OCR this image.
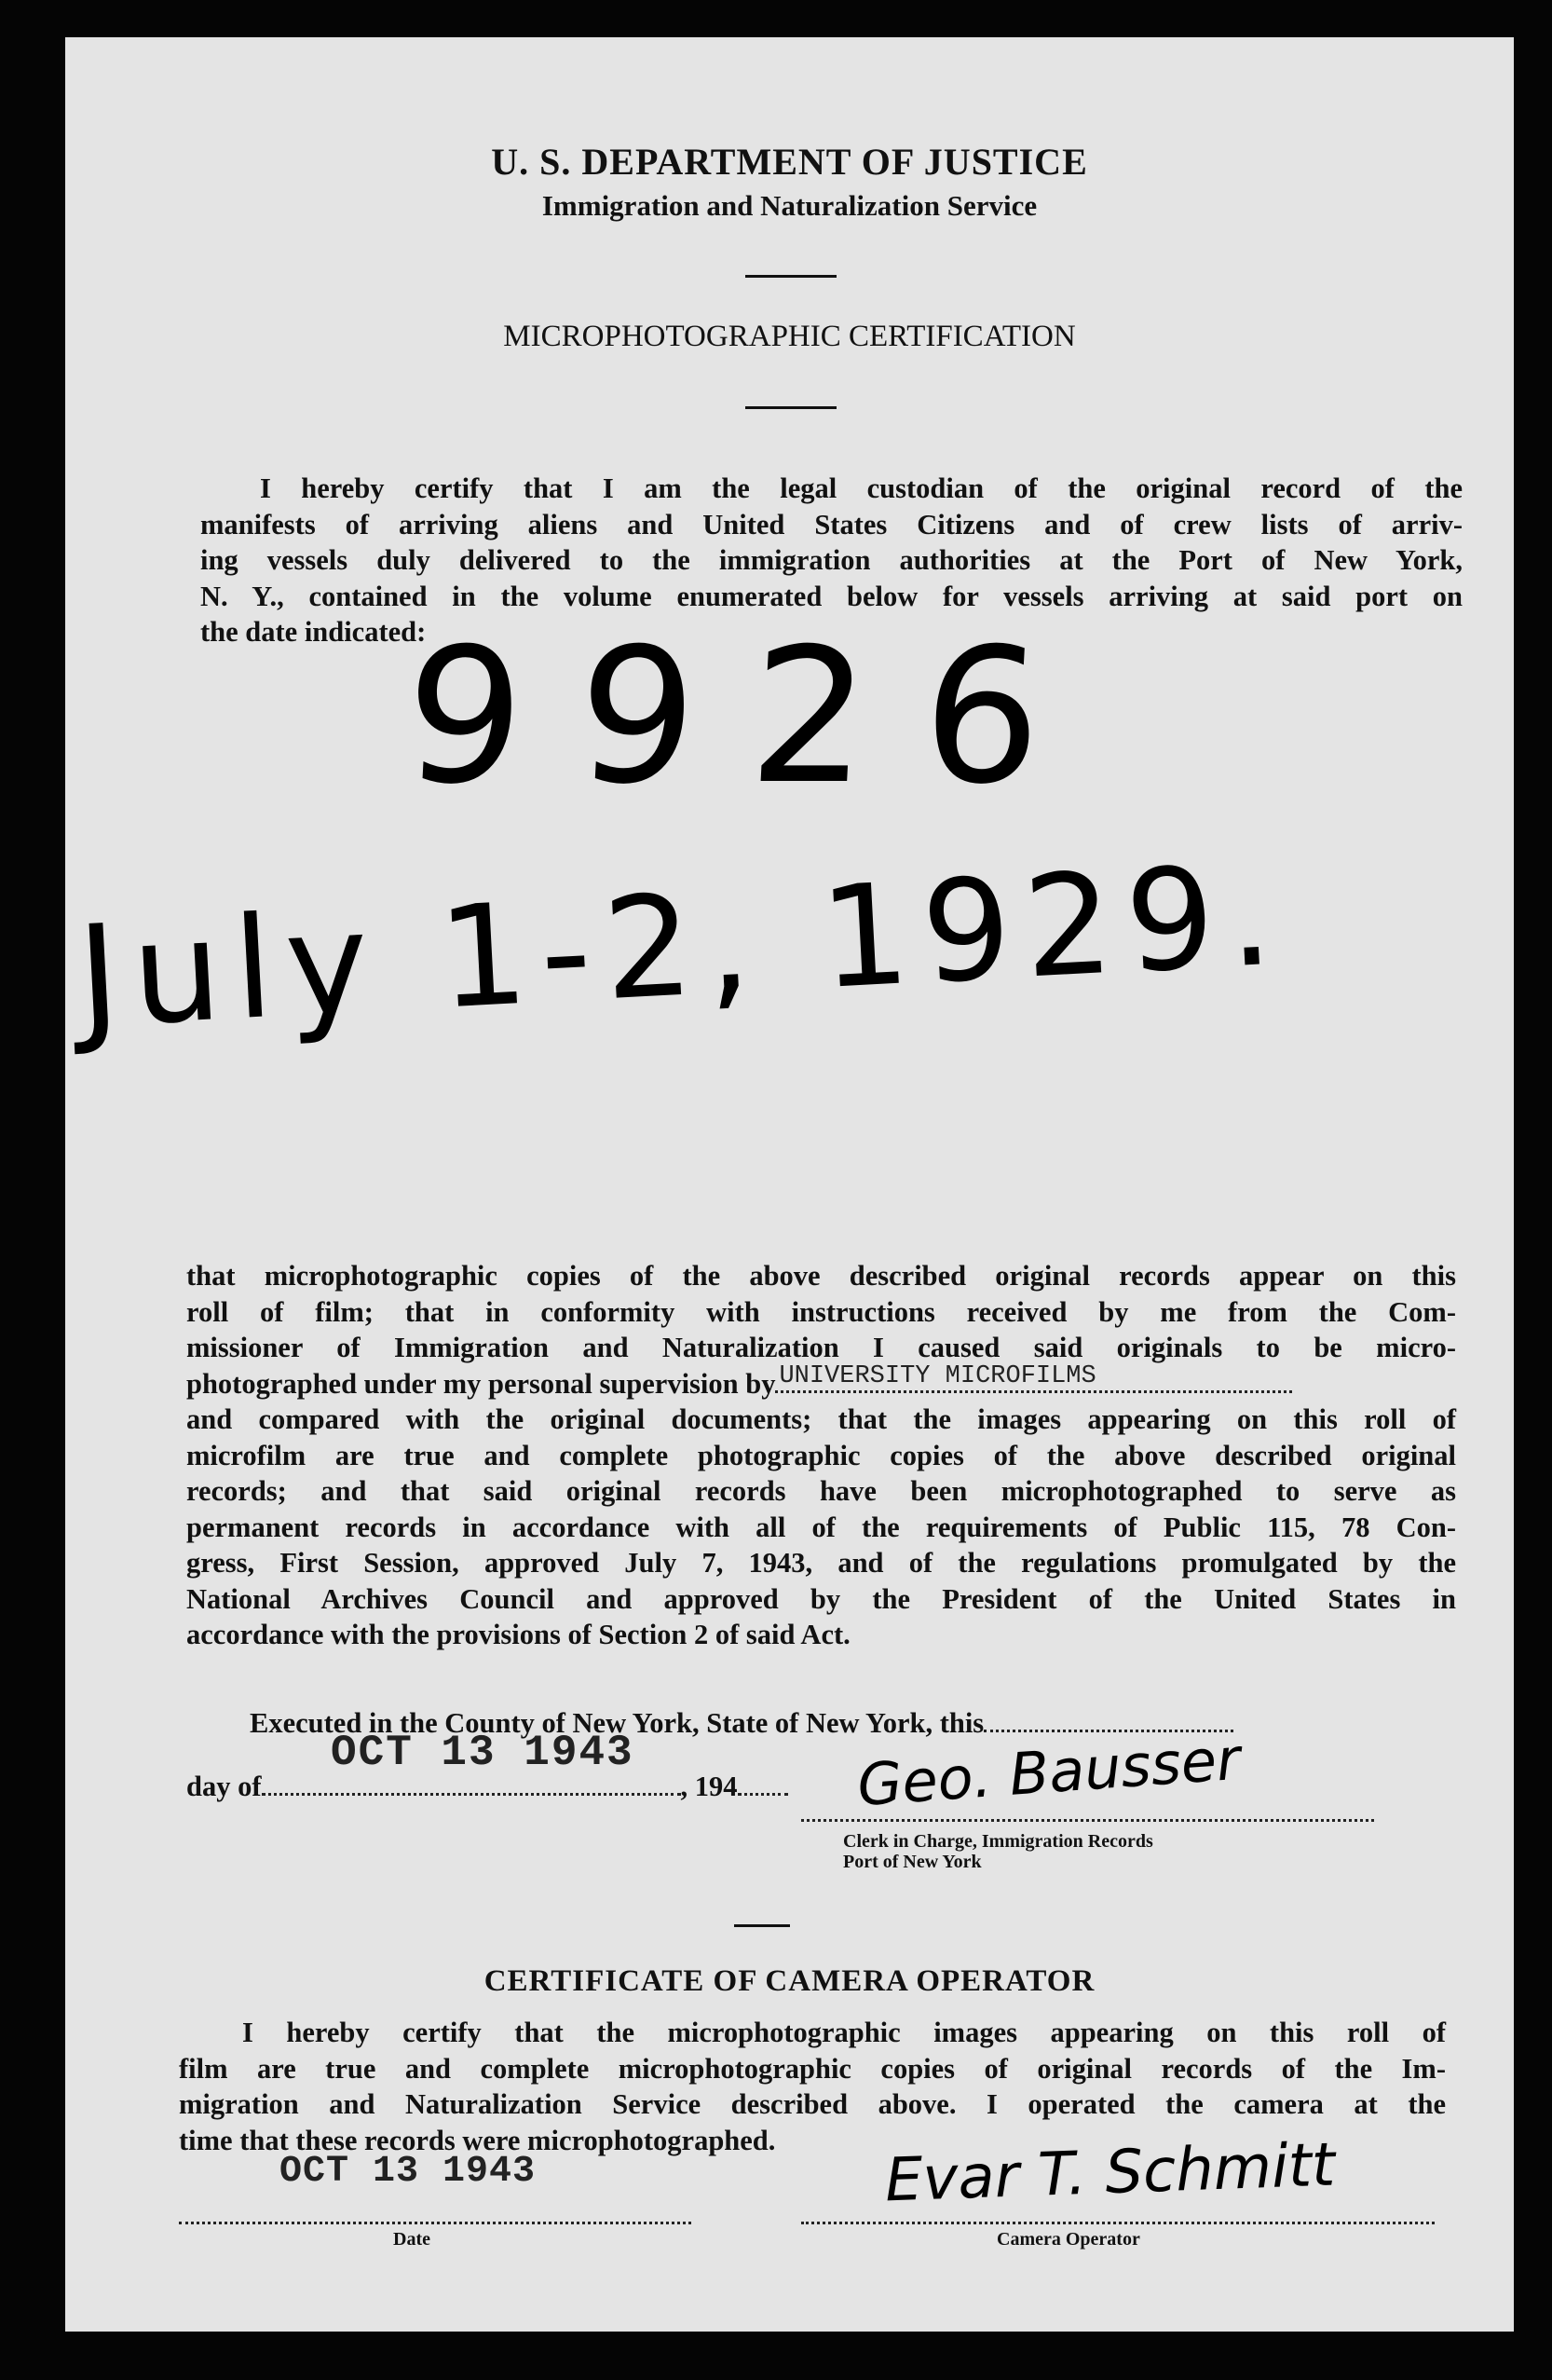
U. S. DEPARTMENT OF JUSTICE
Immigration and Naturalization Service
MICROPHOTOGRAPHIC CERTIFICATION
I hereby certify that I am the legal custodian of the original record of the
manifests of arriving aliens and United States Citizens and of crew lists of arriv-
ing vessels duly delivered to the immigration authorities at the Port of New York,
N. Y., contained in the volume enumerated below for vessels arriving at said port on
the date indicated:
9926
July 1-2, 1929.
that microphotographic copies of the above described original records appear on this
roll of film; that in conformity with instructions received by me from the Com-
missioner of Immigration and Naturalization I caused said originals to be micro-
photographed under my personal supervision by UNIVERSITY MICROFILMS
and compared with the original documents; that the images appearing on this roll of
microfilm are true and complete photographic copies of the above described original
records; and that said original records have been microphotographed to serve as
permanent records in accordance with all of the requirements of Public 115, 78 Con-
gress, First Session, approved July 7, 1943, and of the regulations promulgated by the
National Archives Council and approved by the President of the United States in
accordance with the provisions of Section 2 of said Act.
Executed in the County of New York, State of New York, this
OCT 13 1943
day of	, 194	Geo. Bausser
Clerk in Charge, Immigration Records
Port of New York
CERTIFICATE OF CAMERA OPERATOR
I hereby certify that the microphotographic images appearing on this roll of
film are true and complete microphotographic copies of original records of the Im-
migration and Naturalization Service described above. I operated the camera at the
time that these records were microphotographed.
OCT 13 1943
Date
Evar T. Schmitt
Camera Operator
